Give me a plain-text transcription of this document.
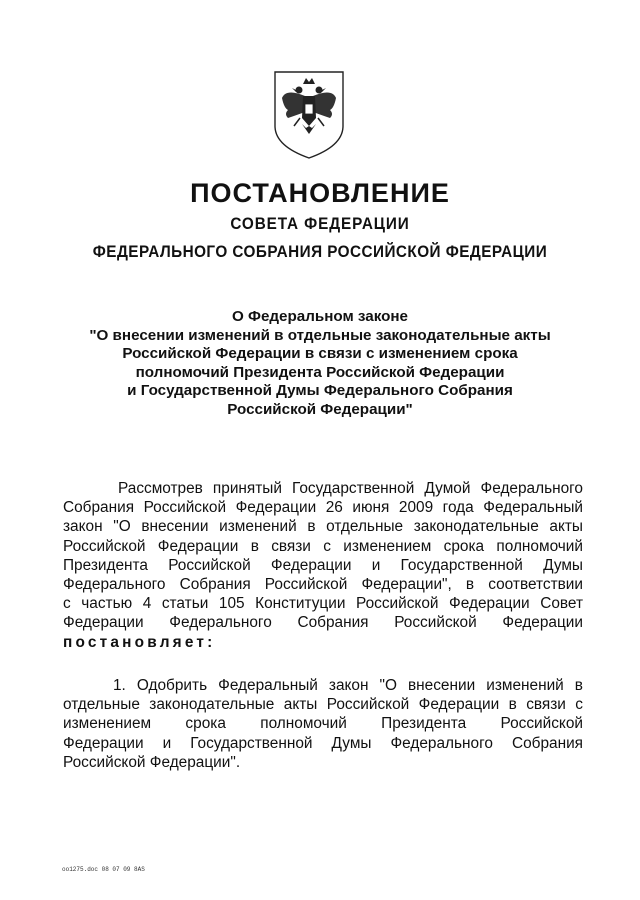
ПОСТАНОВЛЕНИЕ
СОВЕТА ФЕДЕРАЦИИ
ФЕДЕРАЛЬНОГО СОБРАНИЯ РОССИЙСКОЙ ФЕДЕРАЦИИ
О Федеральном законе
"О внесении изменений в отдельные законодательные акты
Российской Федерации в связи с изменением срока
полномочий Президента Российской Федерации
и Государственной Думы Федерального Собрания
Российской Федерации"
Рассмотрев принятый Государственной Думой Федерального
Собрания Российской Федерации 26 июня 2009 года Федеральный
закон "О внесении изменений в отдельные законодательные акты
Российской Федерации в связи с изменением срока полномочий
Президента Российской Федерации и Государственной Думы
Федерального Собрания Российской Федерации", в соответствии
с частью 4 статьи 105 Конституции Российской Федерации Совет
Федерации Федерального Собрания Российской Федерации
постановляет:
1. Одобрить Федеральный закон "О внесении изменений в
отдельные законодательные акты Российской Федерации в связи с
изменением срока полномочий Президента Российской
Федерации и Государственной Думы Федерального Собрания
Российской Федерации".
оо1275.doc 08 07 09 8AS
